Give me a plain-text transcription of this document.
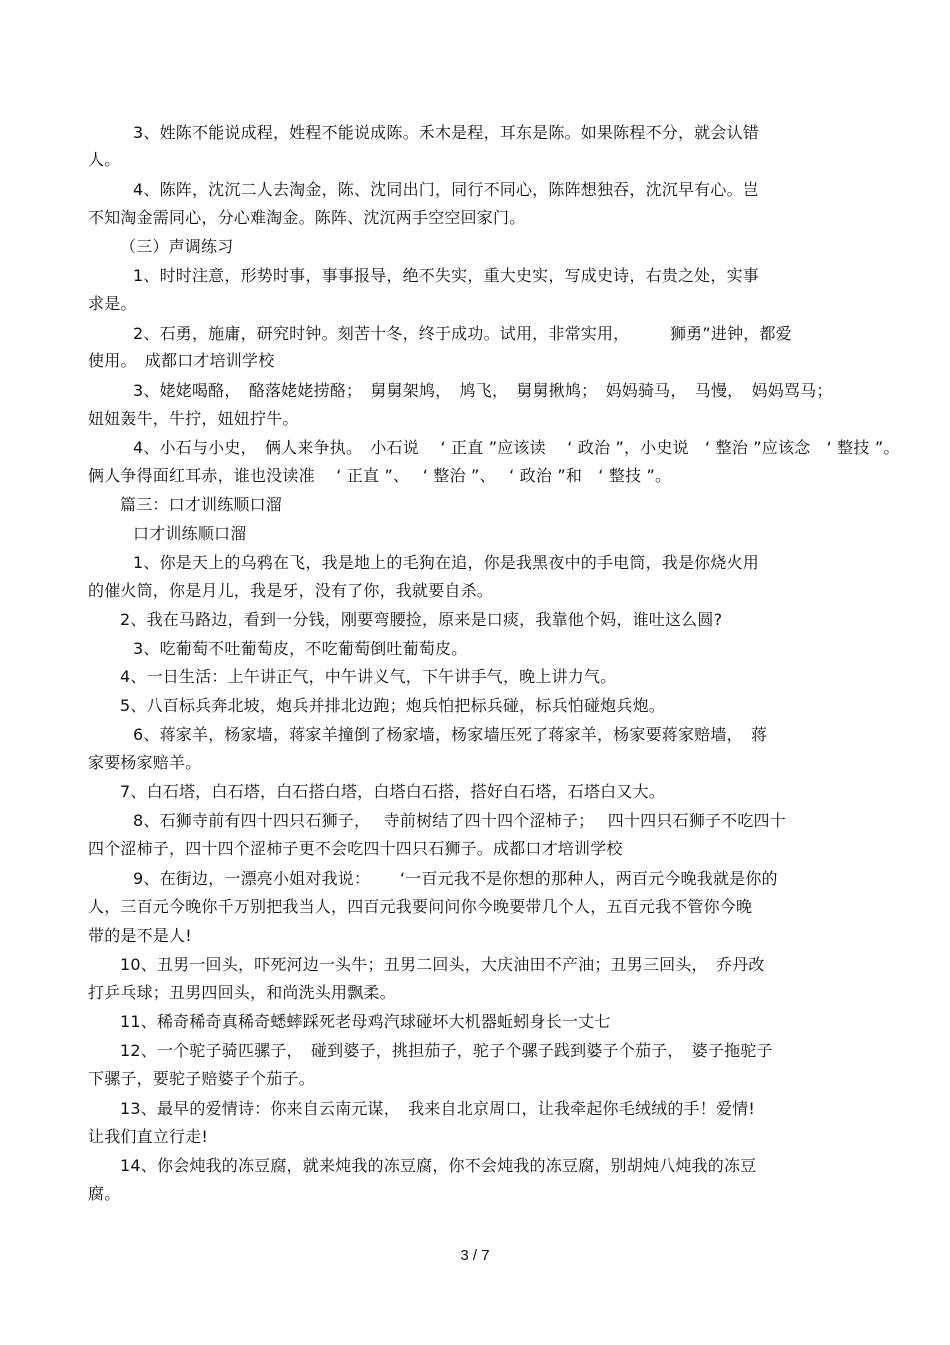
3、姓陈不能说成程，姓程不能说成陈。禾木是程，耳东是陈。如果陈程不分，就会认错
人。
4、陈阵，沈沉二人去淘金，陈、沈同出门，同行不同心，陈阵想独吞，沈沉早有心。岂
不知淘金需同心，分心难淘金。陈阵、沈沉两手空空回家门。
（三）声调练习
1、时时注意，形势时事，事事报导，绝不失实，重大史实，写成史诗，右贵之处，实事
求是。
2、石勇，施庸，研究时钟。刻苦十冬，终于成功。试用，非常实用，　　　狮勇”进钟，都爱
使用。　成都口才培训学校
3、姥姥喝酪，　酪落姥姥捞酪；　舅舅架鸠，　鸠飞，　舅舅揪鸠；　妈妈骑马，　马慢，　妈妈骂马；
妞妞轰牛，牛拧，妞妞拧牛。
4、小石与小史，　俩人来争执。　小石说　 ‘ 正直 ”应该读　 ‘ 政治 ”，小史说　‘ 整治 ”应该念　‘ 整技 ”。
俩人争得面红耳赤，谁也没读准　 ‘ 正直 ”、　 ‘ 整治 ”、　 ‘ 政治 ”和　‘ 整技 ”。
篇三：口才训练顺口溜
口才训练顺口溜
1、你是天上的乌鸦在飞，我是地上的毛狗在追，你是我黑夜中的手电筒，我是你烧火用
的催火筒，你是月儿，我是牙，没有了你，我就要自杀。
2、我在马路边，看到一分钱，刚要弯腰捡，原来是口痰，我靠他个妈，谁吐这么圆?
3、吃葡萄不吐葡萄皮，不吃葡萄倒吐葡萄皮。
4、一日生活：上午讲正气，中午讲义气，下午讲手气，晚上讲力气。
5、八百标兵奔北坡，炮兵并排北边跑；炮兵怕把标兵碰，标兵怕碰炮兵炮。
6、蒋家羊，杨家墙，蒋家羊撞倒了杨家墙，杨家墙压死了蒋家羊，杨家要蒋家赔墙，　蒋
家要杨家赔羊。
7、白石塔，白石塔，白石搭白塔，白塔白石搭，搭好白石塔，石塔白又大。
8、石狮寺前有四十四只石狮子，　 寺前树结了四十四个涩柿子；　 四十四只石狮子不吃四十
四个涩柿子，四十四个涩柿子更不会吃四十四只石狮子。成都口才培训学校
9、在街边，一漂亮小姐对我说：　　 ‘一百元我不是你想的那种人，两百元今晚我就是你的
人，三百元今晚你千万别把我当人，四百元我要问问你今晚要带几个人，五百元我不管你今晚
带的是不是人!
10、丑男一回头，吓死河边一头牛；丑男二回头，大庆油田不产油；丑男三回头，　乔丹改
打乒乓球；丑男四回头，和尚洗头用飘柔。
11、稀奇稀奇真稀奇蟋蟀踩死老母鸡汽球碰坏大机器蚯蚓身长一丈七
12、一个驼子骑匹骡子，　碰到婆子，挑担茄子，驼子个骡子践到婆子个茄子，　婆子拖驼子
下骡子，要驼子赔婆子个茄子。
13、最早的爱情诗：你来自云南元谋，　我来自北京周口，让我牵起你毛绒绒的手！爱情!
让我们直立行走!
14、你会炖我的冻豆腐，就来炖我的冻豆腐，你不会炖我的冻豆腐，别胡炖八炖我的冻豆
腐。
3 / 7
